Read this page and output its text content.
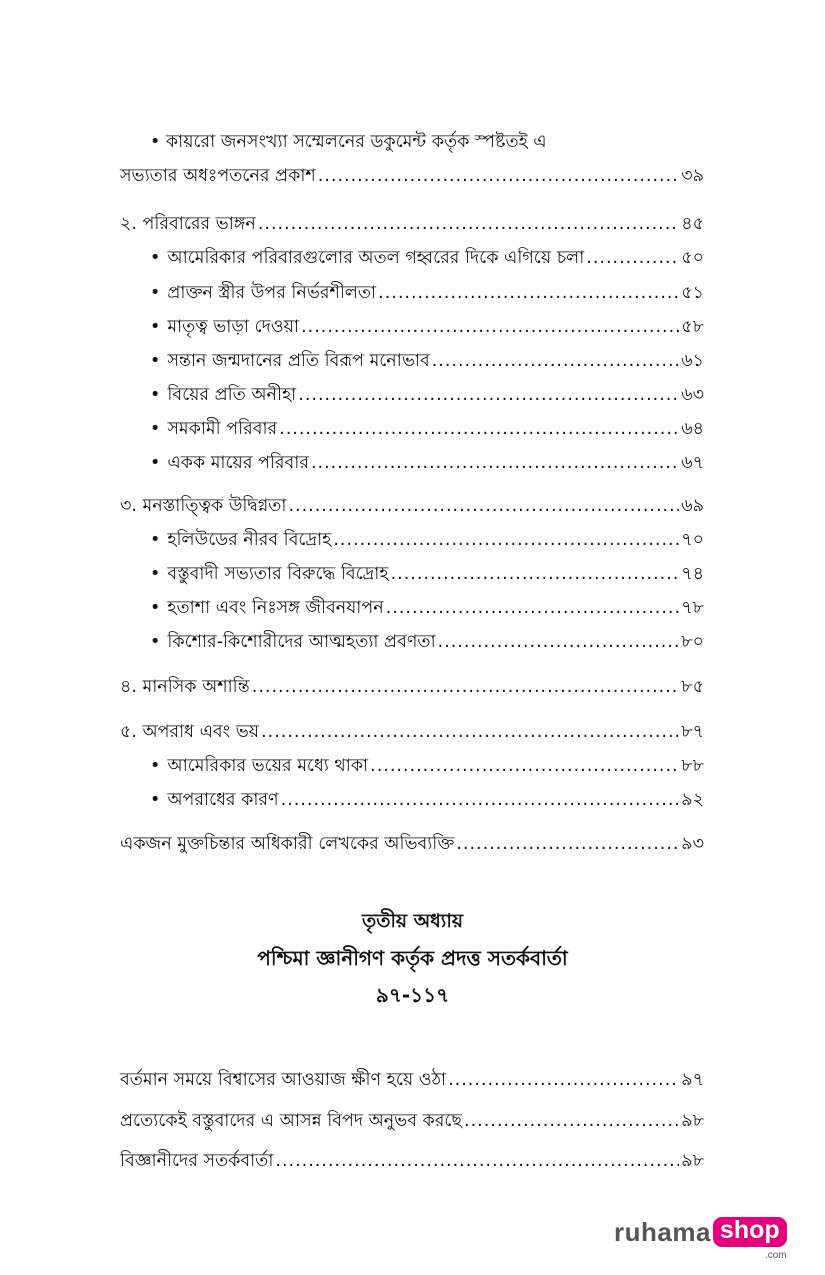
• কায়রো জনসংখ্যা সম্মেলনের ডকুমেন্ট কর্তৃক স্পষ্টতই এ
সভ্যতার অধঃপতনের প্রকাশ .....	৩৯
২. পরিবারের ভাঙ্গন .....	৪৫
• আমেরিকার পরিবারগুলোর অতল গহ্বরের দিকে এগিয়ে চলা .....	৫০
• প্রাক্তন স্ত্রীর উপর নির্ভরশীলতা .....	৫১
• মাতৃত্ব ভাড়া দেওয়া .....	৫৮
• সন্তান জন্মদানের প্রতি বিরূপ মনোভাব .....	৬১
• বিয়ের প্রতি অনীহা .....	৬৩
• সমকামী পরিবার .....	৬৪
• একক মায়ের পরিবার .....	৬৭
৩. মনস্তাত্ত্বিক উদ্বিগ্নতা .....	৬৯
• হলিউডের নীরব বিদ্রোহ .....	৭০
• বস্তুবাদী সভ্যতার বিরুদ্ধে বিদ্রোহ .....	৭৪
• হতাশা এবং নিঃসঙ্গ জীবনযাপন .....	৭৮
• কিশোর-কিশোরীদের আত্মহত্যা প্রবণতা .....	৮০
৪. মানসিক অশান্তি .....	৮৫
৫. অপরাধ এবং ভয় .....	৮৭
• আমেরিকার ভয়ের মধ্যে থাকা .....	৮৮
• অপরাধের কারণ .....	৯২
একজন মুক্তচিন্তার অধিকারী লেখকের অভিব্যক্তি .....	৯৩
তৃতীয় অধ্যায়
পশ্চিমা জ্ঞানীগণ কর্তৃক প্রদত্ত সতর্কবার্তা
৯৭-১১৭
বর্তমান সময়ে বিশ্বাসের আওয়াজ ক্ষীণ হয়ে ওঠা .....	৯৭
প্রত্যেকেই বস্তুবাদের এ আসন্ন বিপদ অনুভব করছে .....	৯৮
বিজ্ঞানীদের সতর্কবার্তা .....	৯৮
ruhama shop
.com
